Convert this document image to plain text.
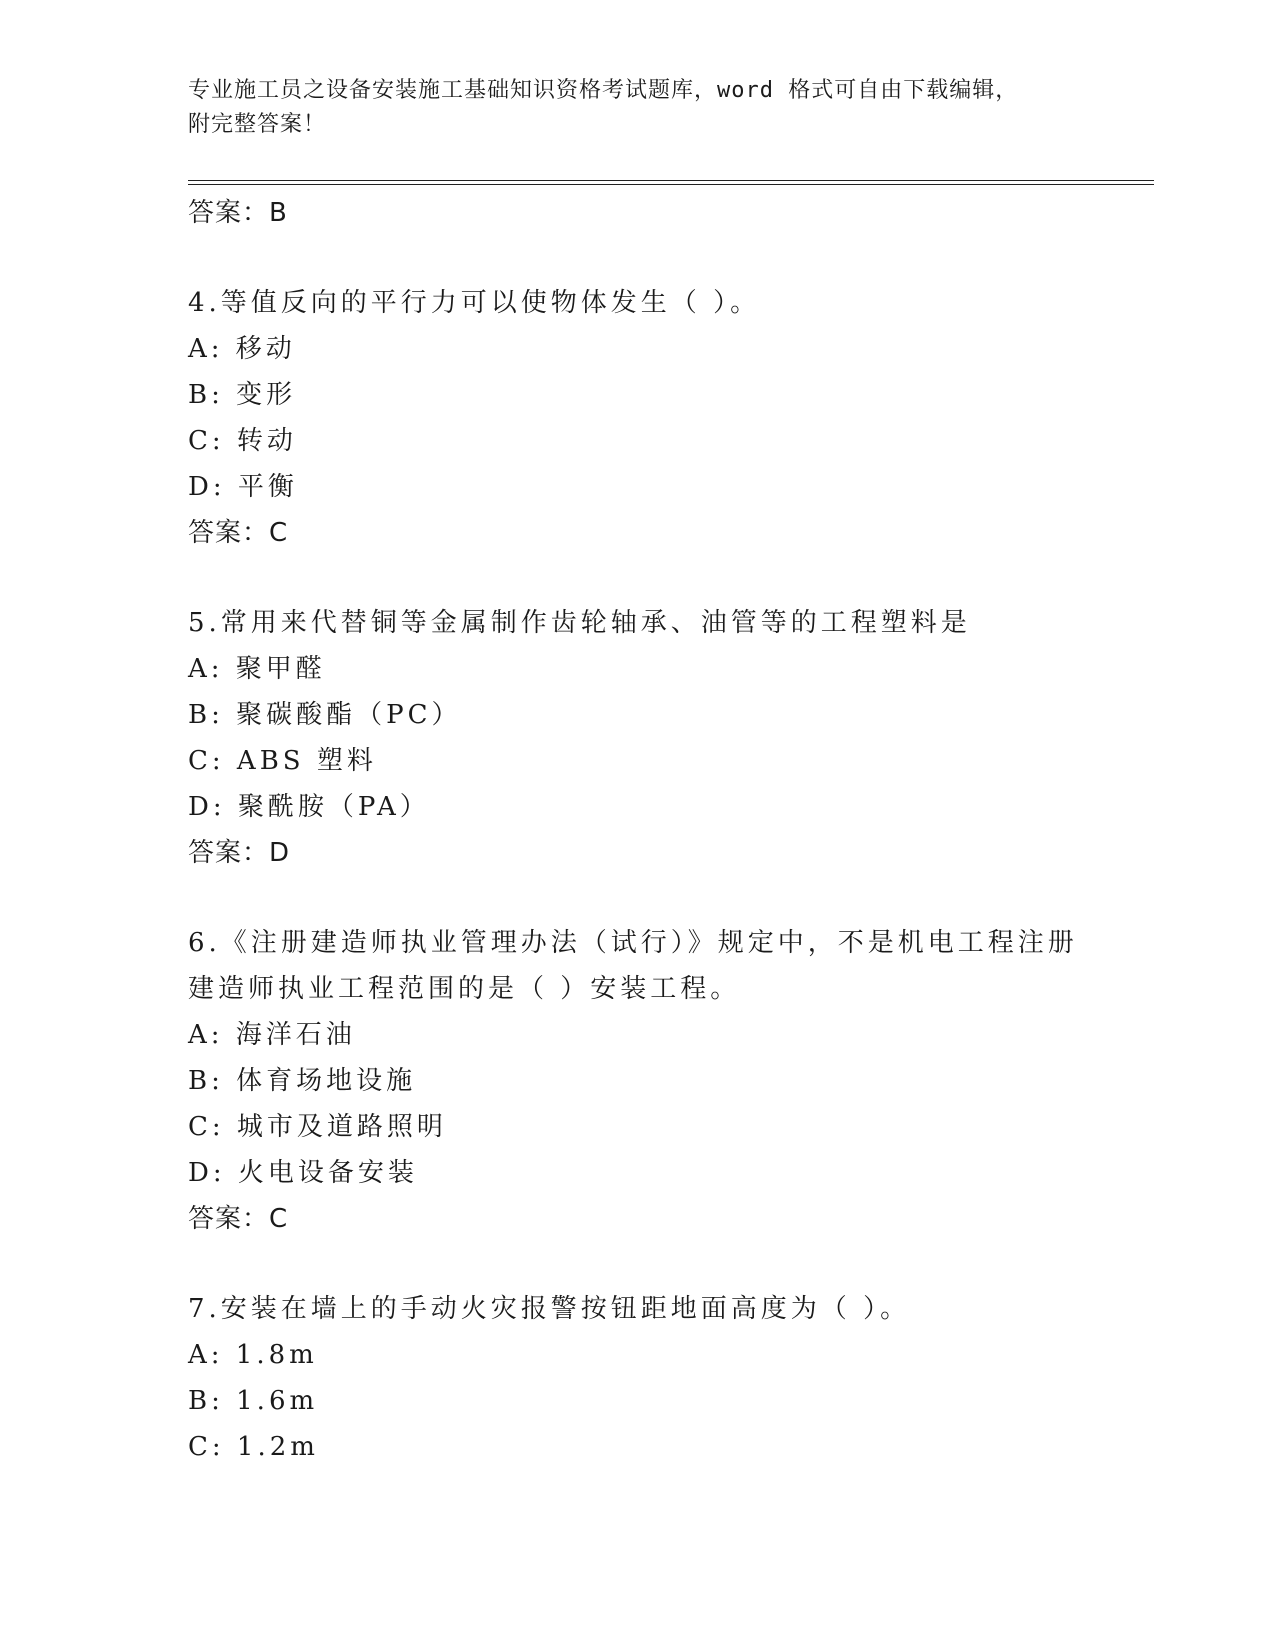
专业施工员之设备安装施工基础知识资格考试题库，word 格式可自由下载编辑，
附完整答案！
答案：B
4.等值反向的平行力可以使物体发生（ ）。
A: 移动
B: 变形
C: 转动
D: 平衡
答案：C
5.常用来代替铜等金属制作齿轮轴承、油管等的工程塑料是
A: 聚甲醛
B: 聚碳酸酯（PC）
C: ABS 塑料
D: 聚酰胺（PA）
答案：D
6.《注册建造师执业管理办法（试行）》规定中，不是机电工程注册
建造师执业工程范围的是（ ）安装工程。
A: 海洋石油
B: 体育场地设施
C: 城市及道路照明
D: 火电设备安装
答案：C
7.安装在墙上的手动火灾报警按钮距地面高度为（ ）。
A: 1.8m
B: 1.6m
C: 1.2m
